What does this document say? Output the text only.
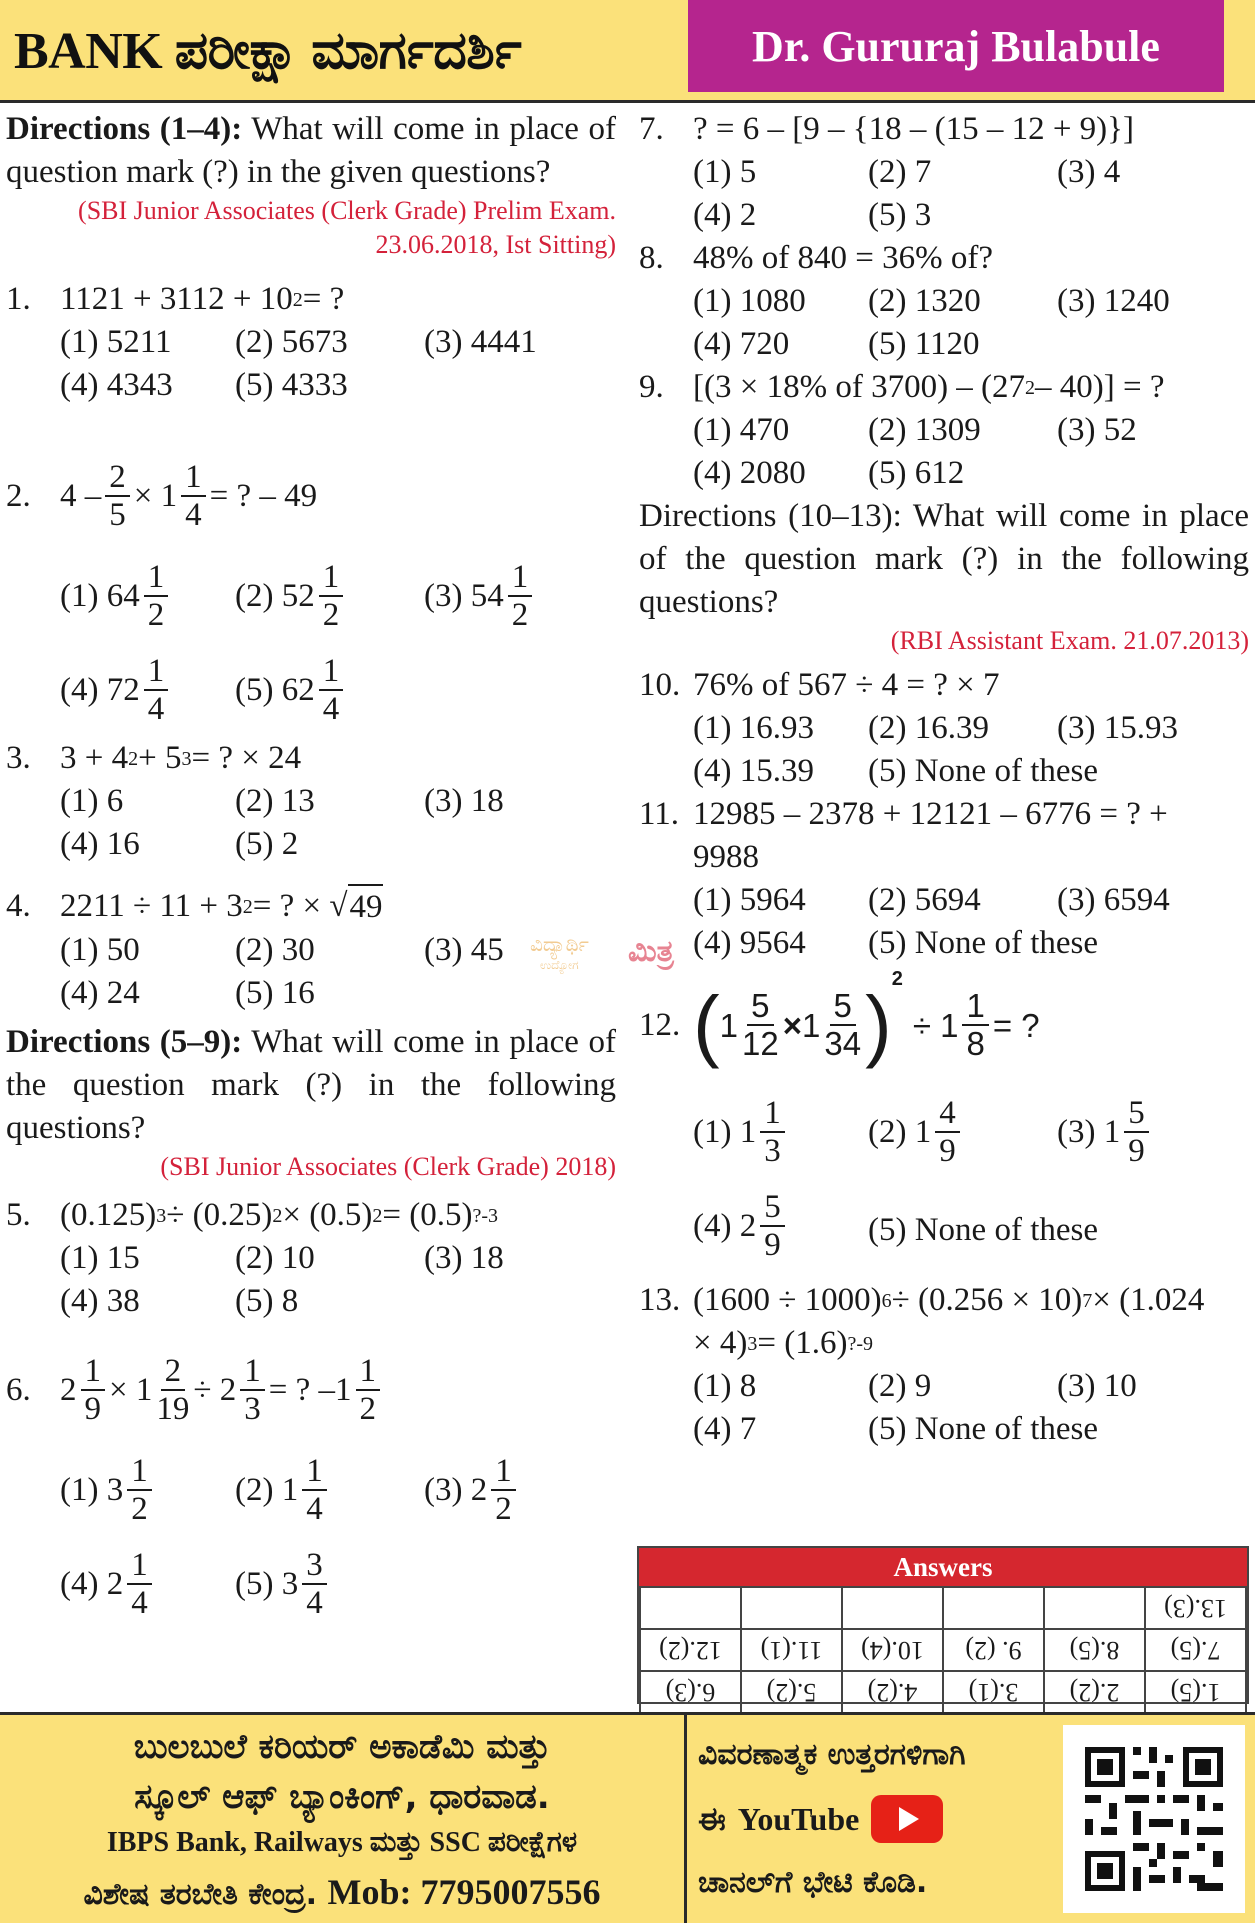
BANK ಪರೀಕ್ಷಾ ಮಾರ್ಗದರ್ಶಿ	Dr. Gururaj Bulabule

Directions (1–4): What will come in place of question mark (?) in the given questions?

(SBI Junior Associates (Clerk Grade) Prelim Exam.
23.06.2018, Ist Sitting)
1. 1121 + 3112 + 10 2 = ?
(1) 5211 (2) 5673 (3) 4441
(4) 4343 (5) 4333
2. $4 - \frac{2}{5} \times 1 \frac{1}{4}$ = ? – 49
(1) $64 \frac{1}{2} (2)$ $52 \frac{1}{2} (3)$ $54 \frac{1}{2}$
(4) $72 \frac{1}{4} (5)$ $62 \frac{1}{4}$
3. 3 + 4 2 + 5 3 = ? × 24
(1) 6	(2) 13	(3) 18
(4) 16	(5) 2
4. 2211 ÷ 11 + 3 2 = ? × √ 49
(1) 50	(2) 30	(3) 45
(4) 24	(5) 16

Directions (5–9): What will come in place of the question mark (?) in the following questions?

(SBI Junior Associates (Clerk Grade) 2018)
5. (0.125) 3 ÷ (0.25) 2 × (0.5) 2 = (0.5) ?-3
(1) 15	(2) 10	(3) 18
(4) 38	(5) 8
6. $2 \frac{1}{9} \times 1 \frac{2}{19} \div 2 \frac{1}{3}$ = ? $-1 \frac{1}{2}$
(1) $3 \frac{1}{2}$	(2) $1 \frac{1}{4}$	(3) $2 \frac{1}{2}$
(4) $2 \frac{1}{4}$	(5) $3 \frac{3}{4}$
7. ? = 6 – [9 – {18 – (15 – 12 + 9)}]
(1) 5	(2) 7	(3) 4
(4) 2	(5) 3
8. 48% of 840 = 36% of?
(1) 1080 (2) 1320 (3) 1240
(4) 720 (5) 1120
9. [(3 × 18% of 3700) – (27 2 – 40)] = ?
(1) 470 (2) 1309 (3) 52
(4) 2080 (5) 612

Directions (10–13): What will come in place of the question mark (?) in the following questions?

(RBI Assistant Exam. 21.07.2013)
10. 76% of 567 ÷ 4 = ? × 7
(1) 16.93 (2) 16.39 (3) 15.93
(4) 15.39 (5) None of these
11. 12985 – 2378 + 12121 – 6776 = ? +
9988
(1) 5964 (2) 5694 (3) 6594
(4) 9564 (5) None of these
12. ( $1 \frac{5}{12} \times 1 \frac{5}{34}$ )
2
÷ $1 \frac{1}{8}$ = ?
(1) $1 \frac{1}{3}$	(2) $1 \frac{4}{9}$	(3) $1 \frac{5}{9}$
(4) $2 \frac{5}{9}$	(5) None of these
13. (1600 ÷ 1000) 6 ÷ (0.256 × 10) 7 × (1.024
× 4) 3 = (1.6) ?-9
(1) 8	(2) 9	(3) 10
(4) 7	(5) None of these
ವಿದ್ಯಾರ್ಥಿ
ಉದ್ಯೋಗ ಮಿತ್ರ
Answers
					13.(3)
12.(2)	11.(1)	10.(4)	9. (2)	8.(5)	7.(5)
6.(3)	5.(2)	4.(2)	3.(1)	2.(2)	1.(5)
ಬುಲಬುಲೆ ಕರಿಯರ್ ಅಕಾಡೆಮಿ ಮತ್ತು
ಸ್ಕೂಲ್ ಆಫ್ ಬ್ಯಾಂಕಿಂಗ್, ಧಾರವಾಡ.
IBPS Bank, Railways ಮತ್ತು SSC ಪರೀಕ್ಷೆಗಳ
ವಿಶೇಷ ತರಬೇತಿ ಕೇಂದ್ರ. Mob: 7795007556
ವಿವರಣಾತ್ಮಕ ಉತ್ತರಗಳಿಗಾಗಿ
ಈ YouTube
ಚಾನಲ್‌ಗೆ ಭೇಟಿ ಕೊಡಿ.
